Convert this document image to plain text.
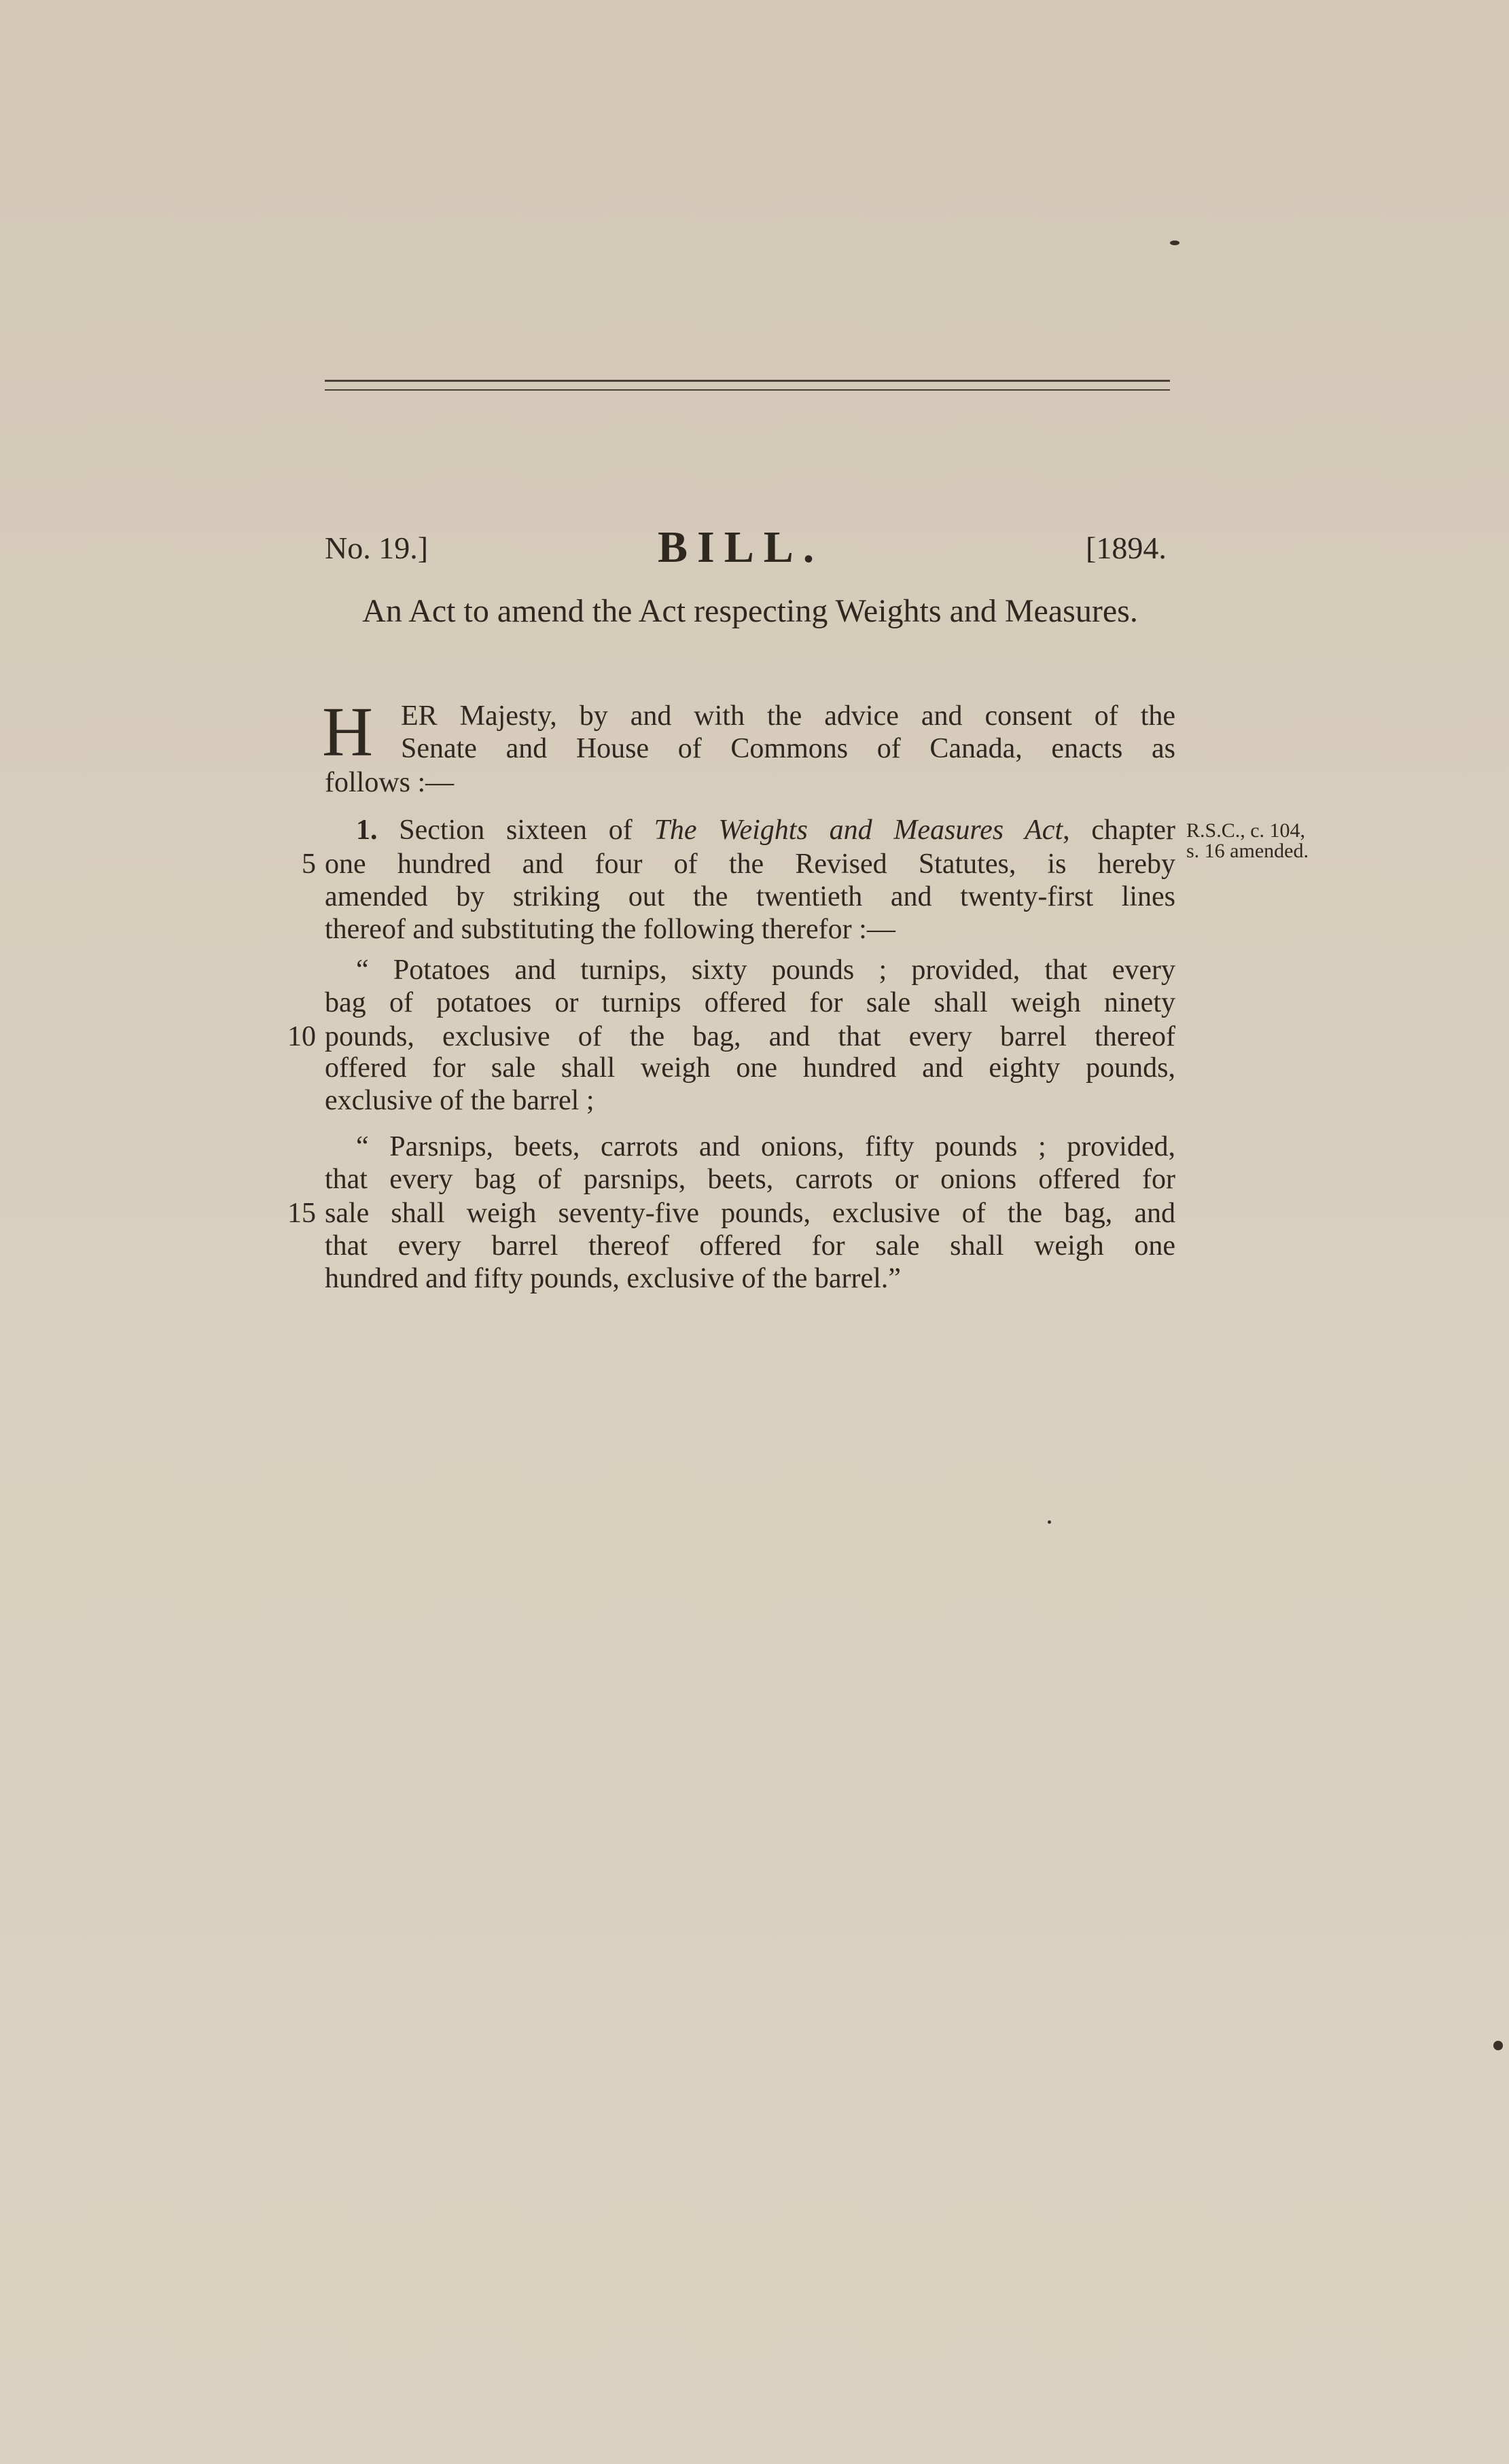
No. 19.]	BILL.	[1894.
An Act to amend the Act respecting Weights and Measures.
H ER Majesty, by and with the advice and consent of the
Senate and House of Commons of Canada, enacts as
follows :—
1. Section sixteen of The Weights and Measures Act, chapter
5 one hundred and four of the Revised Statutes, is hereby
amended by striking out the twentieth and twenty-first lines
thereof and substituting the following therefor :—
R.S.C., c. 104,
s. 16 amended.
“ Potatoes and turnips, sixty pounds ; provided, that every
bag of potatoes or turnips offered for sale shall weigh ninety
10 pounds, exclusive of the bag, and that every barrel thereof
offered for sale shall weigh one hundred and eighty pounds,
exclusive of the barrel ;
“ Parsnips, beets, carrots and onions, fifty pounds ; provided,
that every bag of parsnips, beets, carrots or onions offered for
15 sale shall weigh seventy-five pounds, exclusive of the bag, and
that every barrel thereof offered for sale shall weigh one
hundred and fifty pounds, exclusive of the barrel.”
